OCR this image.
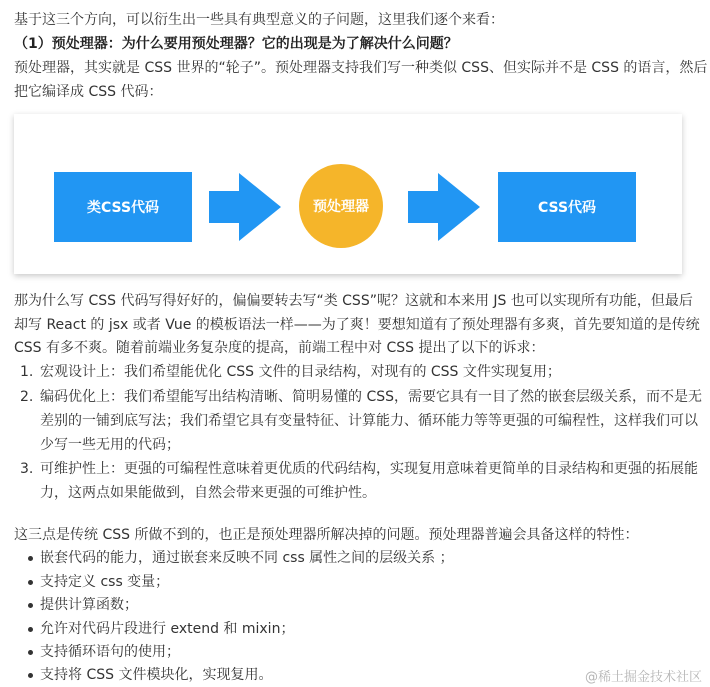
基于这三个方向，可以衍生出一些具有典型意义的子问题，这里我们逐个来看：
（1）预处理器：为什么要用预处理器？它的出现是为了解决什么问题？
预处理器，其实就是 CSS 世界的“轮子”。预处理器支持我们写一种类似 CSS、但实际并不是 CSS 的语言，然后
把它编译成 CSS 代码：
类CSS代码	预处理器	CSS代码
那为什么写 CSS 代码写得好好的，偏偏要转去写“类 CSS”呢？这就和本来用 JS 也可以实现所有功能，但最后
却写 React 的 jsx 或者 Vue 的模板语法一样——为了爽！要想知道有了预处理器有多爽，首先要知道的是传统
CSS 有多不爽。随着前端业务复杂度的提高，前端工程中对 CSS 提出了以下的诉求：
1. 宏观设计上：我们希望能优化 CSS 文件的目录结构，对现有的 CSS 文件实现复用；
2. 编码优化上：我们希望能写出结构清晰、简明易懂的 CSS，需要它具有一目了然的嵌套层级关系，而不是无
差别的一铺到底写法；我们希望它具有变量特征、计算能力、循环能力等等更强的可编程性，这样我们可以
少写一些无用的代码；
3. 可维护性上：更强的可编程性意味着更优质的代码结构，实现复用意味着更简单的目录结构和更强的拓展能
力，这两点如果能做到，自然会带来更强的可维护性。
这三点是传统 CSS 所做不到的，也正是预处理器所解决掉的问题。预处理器普遍会具备这样的特性：
嵌套代码的能力，通过嵌套来反映不同 css 属性之间的层级关系 ；
支持定义 css 变量；
提供计算函数；
允许对代码片段进行 extend 和 mixin；
支持循环语句的使用；
支持将 CSS 文件模块化，实现复用。	@稀土掘金技术社区
